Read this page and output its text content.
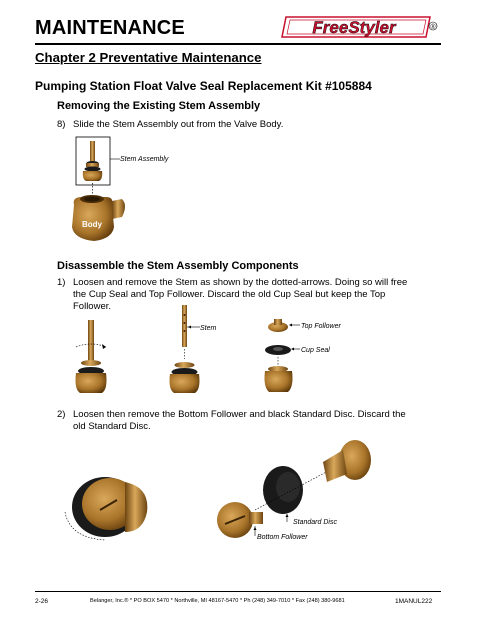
MAINTENANCE	FreeStyler	®
Chapter 2 Preventative Maintenance
Pumping Station Float Valve Seal Replacement Kit #105884
Removing the Existing Stem Assembly
8) Slide the Stem Assembly out from the Valve Body.
Stem Assembly
Body
Disassemble the Stem Assembly Components
1) Loosen and remove the Stem as shown by the dotted-arrows. Doing so will free the Cup Seal and Top Follower. Discard the old Cup Seal but keep the Top Follower.
Stem	Top Follower
Cup Seal
2) Loosen then remove the Bottom Follower and black Standard Disc. Discard the old Standard Disc.
Bottom Follower
Standard Disc
2-26	Belanger, Inc.® * PO BOX 5470 * Northville, MI 48167-5470 * Ph (248) 349-7010 * Fax (248) 380-9681	1MANUL222
